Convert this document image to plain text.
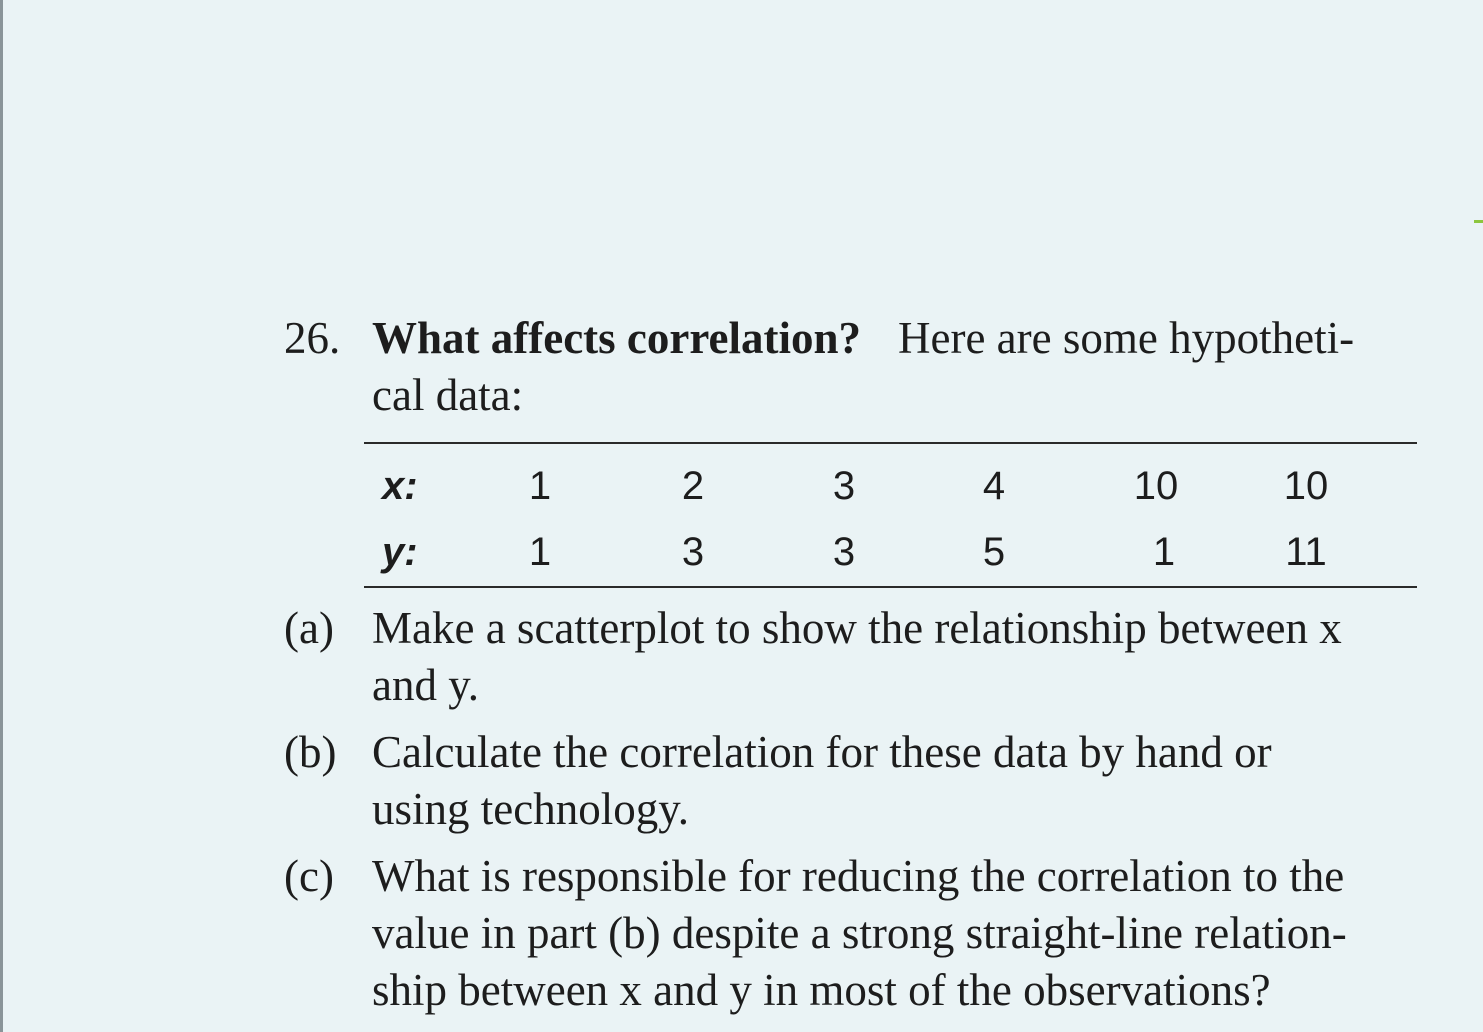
26. What affects correlation? Here are some hypotheti-
cal data:
x:	1	2	3	4	10	10
y:	1	3	3	5	1	11
(a) Make a scatterplot to show the relationship between x
and y.
(b) Calculate the correlation for these data by hand or
using technology.
(c) What is responsible for reducing the correlation to the
value in part (b) despite a strong straight-line relation-
ship between x and y in most of the observations?
